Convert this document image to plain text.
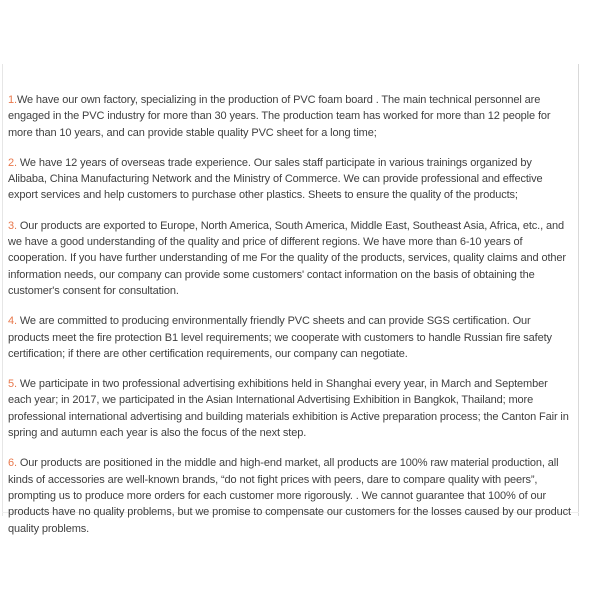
1.We have our own factory, specializing in the production of PVC foam board . The main technical personnel are engaged in the PVC industry for more than 30 years. The production team has worked for more than 12 people for more than 10 years, and can provide stable quality PVC sheet for a long time;

2. We have 12 years of overseas trade experience. Our sales staff participate in various trainings organized by Alibaba, China Manufacturing Network and the Ministry of Commerce. We can provide professional and effective export services and help customers to purchase other plastics. Sheets to ensure the quality of the products;

3. Our products are exported to Europe, North America, South America, Middle East, Southeast Asia, Africa, etc., and we have a good understanding of the quality and price of different regions. We have more than 6-10 years of cooperation. If you have further understanding of me For the quality of the products, services, quality claims and other information needs, our company can provide some customers' contact information on the basis of obtaining the customer's consent for consultation.

4. We are committed to producing environmentally friendly PVC sheets and can provide SGS certification. Our products meet the fire protection B1 level requirements; we cooperate with customers to handle Russian fire safety certification; if there are other certification requirements, our company can negotiate.

5. We participate in two professional advertising exhibitions held in Shanghai every year, in March and September each year; in 2017, we participated in the Asian International Advertising Exhibition in Bangkok, Thailand; more professional international advertising and building materials exhibition is Active preparation process; the Canton Fair in spring and autumn each year is also the focus of the next step.

6. Our products are positioned in the middle and high-end market, all products are 100% raw material production, all kinds of accessories are well-known brands, “do not fight prices with peers, dare to compare quality with peers”, prompting us to produce more orders for each customer more rigorously. . We cannot guarantee that 100% of our products have no quality problems, but we promise to compensate our customers for the losses caused by our product quality problems.
